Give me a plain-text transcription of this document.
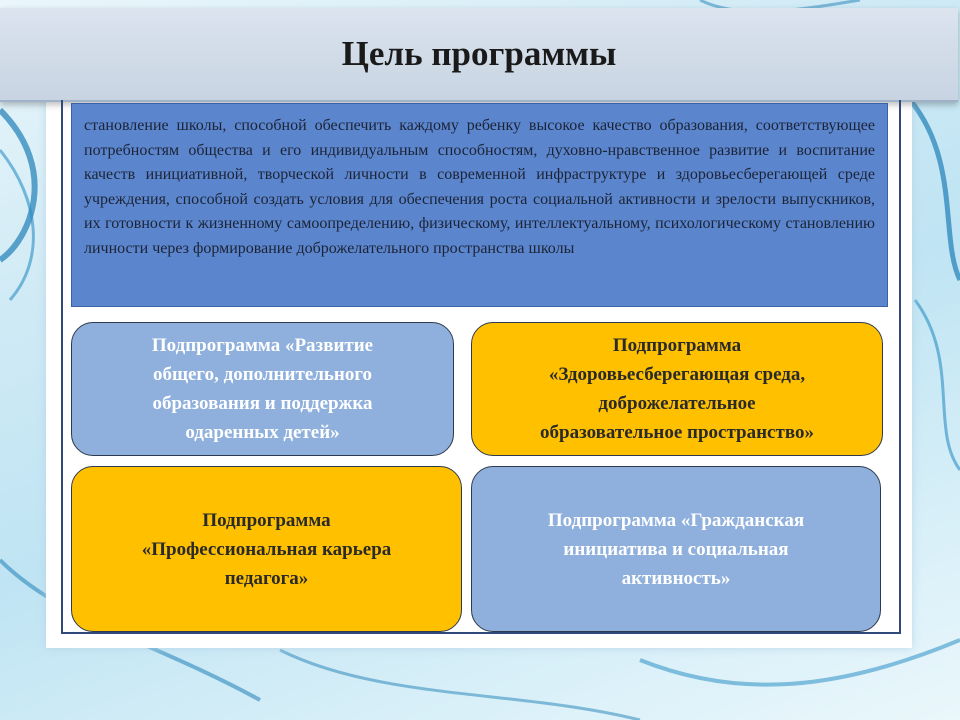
Цель программы

становление школы, способной обеспечить каждому ребенку высокое качество образования, соответствующее потребностям общества и его индивидуальным способностям, духовно-нравственное развитие и воспитание качеств инициативной, творческой личности в современной инфраструктуре и здоровьесберегающей среде учреждения, способной создать условия для обеспечения роста социальной активности и зрелости выпускников, их готовности к жизненному самоопределению, физическому, интеллектуальному, психологическому становлению личности через формирование доброжелательного пространства школы

Подпрограмма «Развитие
общего, дополнительного
образования и поддержка
одаренных детей»
Подпрограмма
«Здоровьесберегающая среда,
доброжелательное
образовательное пространство»
Подпрограмма
«Профессиональная карьера
педагога»
Подпрограмма «Гражданская
инициатива и социальная
активность»
